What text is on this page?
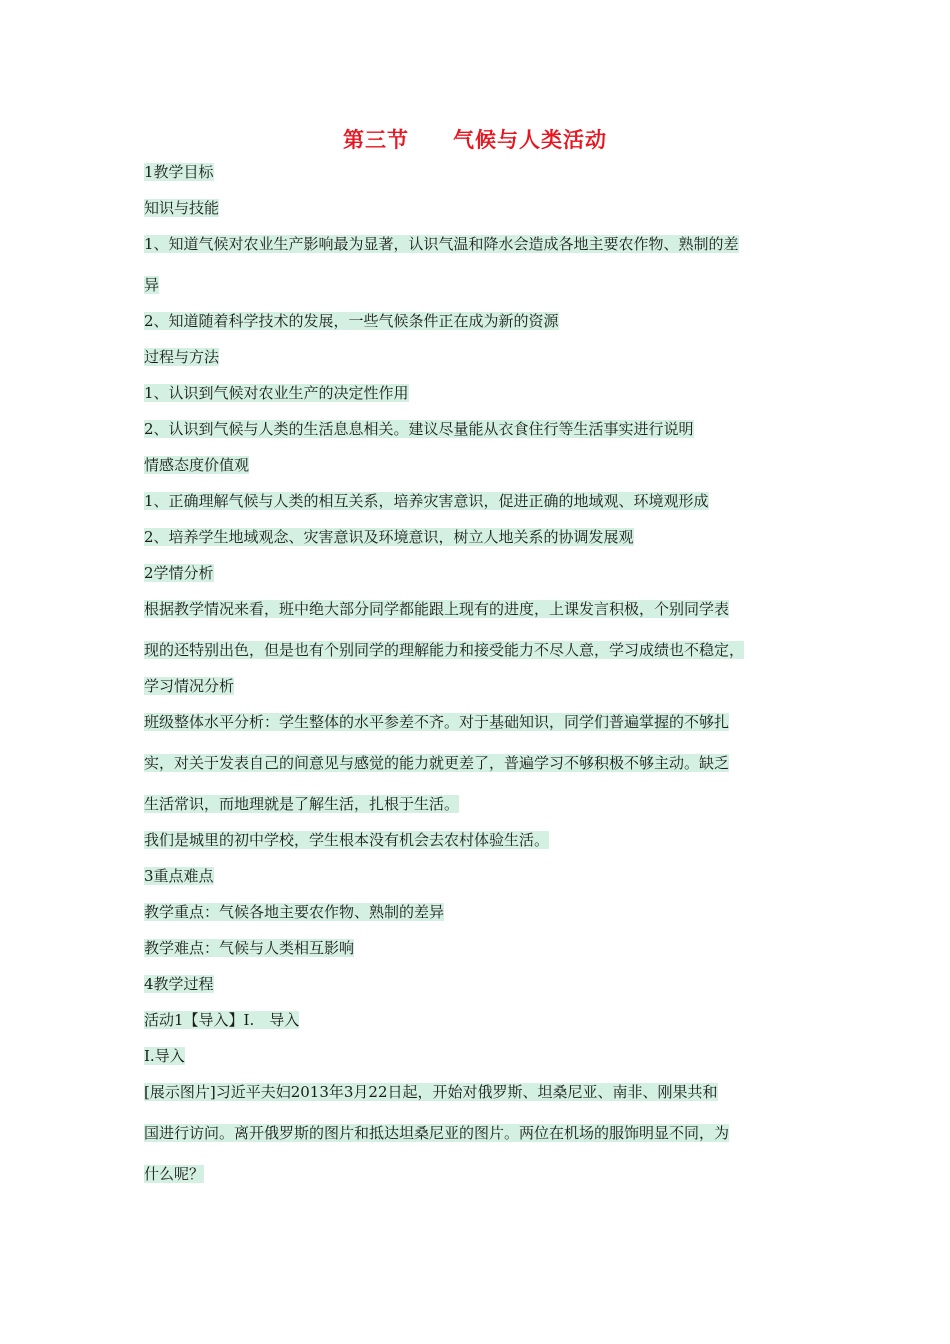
第三节　　气候与人类活动
1教学目标
知识与技能
1、知道气候对农业生产影响最为显著，认识气温和降水会造成各地主要农作物、熟制的差
异
2、知道随着科学技术的发展，一些气候条件正在成为新的资源
过程与方法
1、认识到气候对农业生产的决定性作用
2、认识到气候与人类的生活息息相关。建议尽量能从衣食住行等生活事实进行说明
情感态度价值观
1、正确理解气候与人类的相互关系，培养灾害意识，促进正确的地域观、环境观形成
2、培养学生地域观念、灾害意识及环境意识，树立人地关系的协调发展观
2学情分析
根据教学情况来看，班中绝大部分同学都能跟上现有的进度，上课发言积极，个别同学表
现的还特别出色，但是也有个别同学的理解能力和接受能力不尽人意，学习成绩也不稳定，
学习情况分析
班级整体水平分析：学生整体的水平参差不齐。对于基础知识，同学们普遍掌握的不够扎
实，对关于发表自己的间意见与感觉的能力就更差了，普遍学习不够积极不够主动。缺乏
生活常识，而地理就是了解生活，扎根于生活。
我们是城里的初中学校，学生根本没有机会去农村体验生活。
3重点难点
教学重点：气候各地主要农作物、熟制的差异
教学难点：气候与人类相互影响
4教学过程
活动1【导入】I.　导入
I.导入
[展示图片]习近平夫妇2013年3月22日起，开始对俄罗斯、坦桑尼亚、南非、刚果共和
国进行访问。离开俄罗斯的图片和抵达坦桑尼亚的图片。两位在机场的服饰明显不同，为
什么呢？
